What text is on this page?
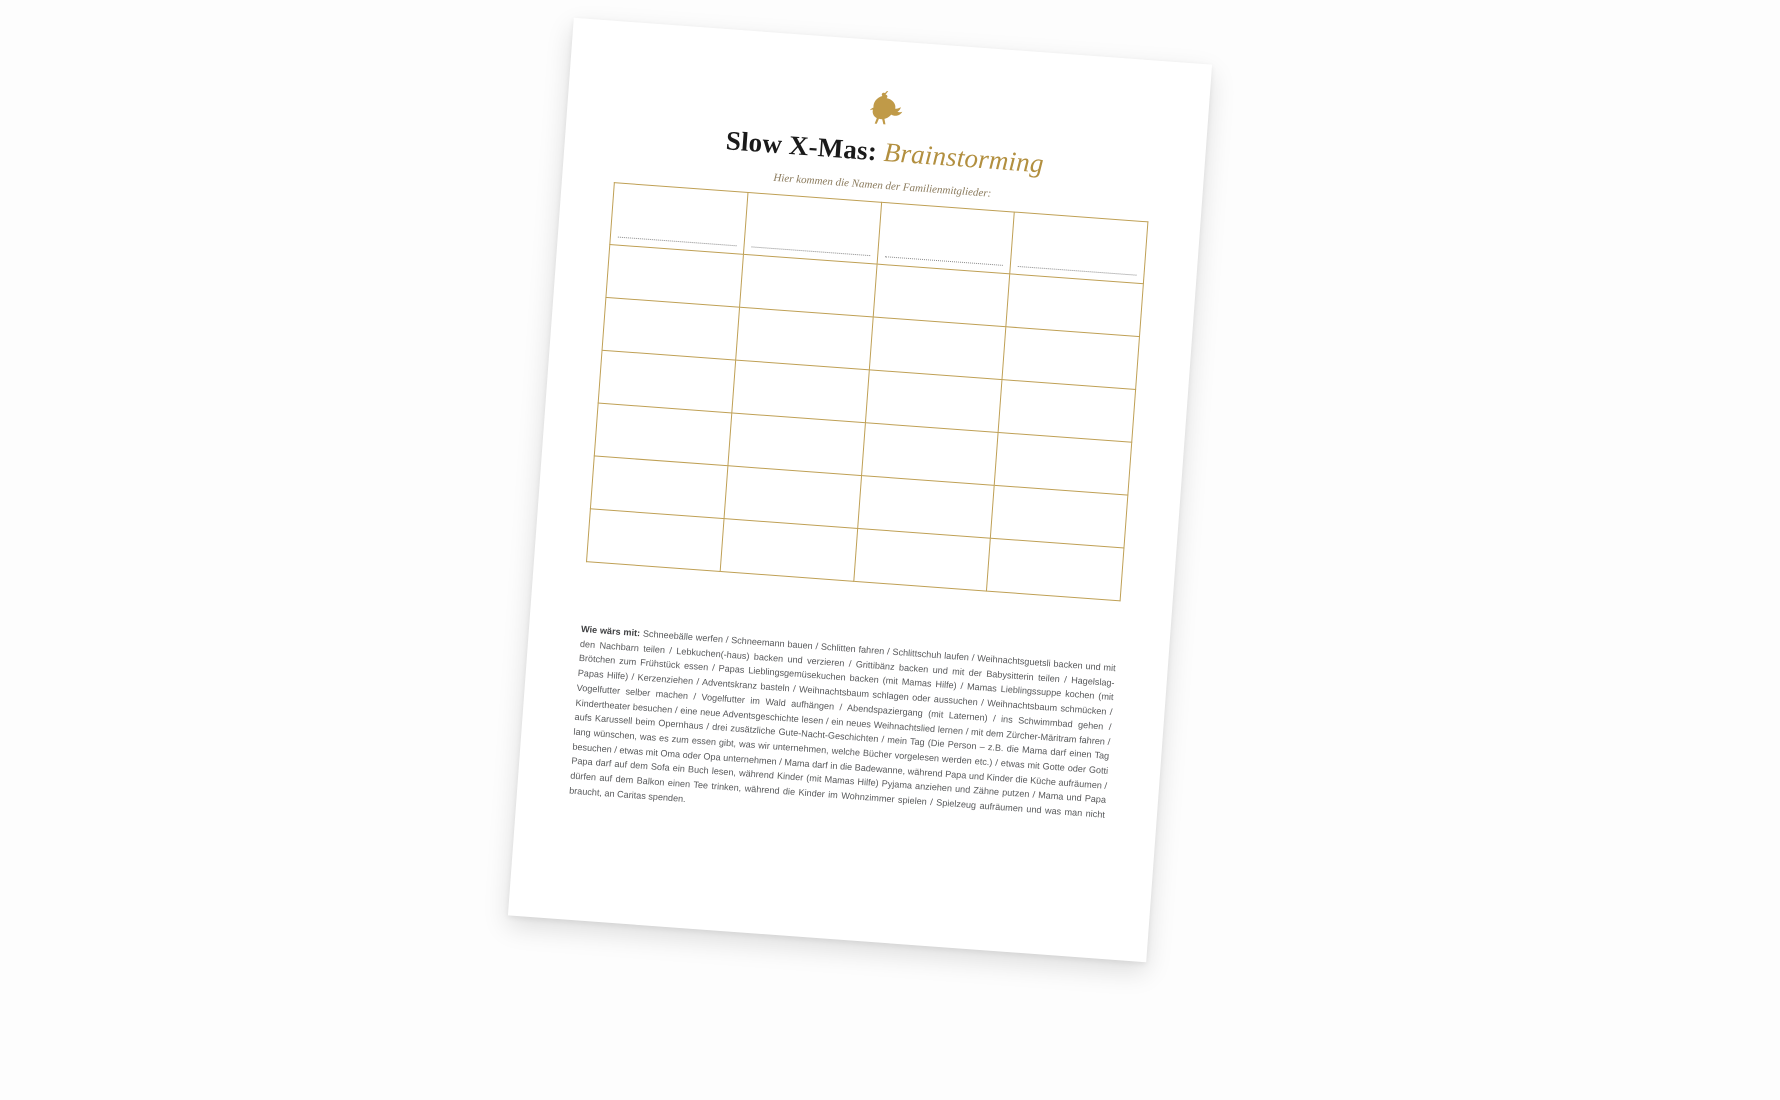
Slow X-Mas: Brainstorming
Hier kommen die Namen der Familienmitglieder:

Wie wärs mit: Schneebälle werfen / Schneemann bauen / Schlitten fahren / Schlittschuh laufen / Weihnachtsguetsli backen und mit den Nachbarn teilen / Lebkuchen(-haus) backen und verzieren / Grittibänz backen und mit der Babysitterin teilen / Hagelslag-Brötchen zum Frühstück essen / Papas Lieblingsgemüsekuchen backen (mit Mamas Hilfe) / Mamas Lieblingssuppe kochen (mit Papas Hilfe) / Kerzenziehen / Adventskranz basteln / Weihnachtsbaum schlagen oder aussuchen / Weihnachtsbaum schmücken / Vogelfutter selber machen / Vogelfutter im Wald aufhängen / Abendspaziergang (mit Laternen) / ins Schwimmbad gehen / Kindertheater besuchen / eine neue Adventsgeschichte lesen / ein neues Weihnachtslied lernen / mit dem Zürcher-Märitram fahren / aufs Karussell beim Opernhaus / drei zusätzliche Gute-Nacht-Geschichten / mein Tag (Die Person – z.B. die Mama darf einen Tag lang wünschen, was es zum essen gibt, was wir unternehmen, welche Bücher vorgelesen werden etc.) / etwas mit Gotte oder Gotti besuchen / etwas mit Oma oder Opa unternehmen / Mama darf in die Badewanne, während Papa und Kinder die Küche aufräumen / Papa darf auf dem Sofa ein Buch lesen, während Kinder (mit Mamas Hilfe) Pyjama anziehen und Zähne putzen / Mama und Papa dürfen auf dem Balkon einen Tee trinken, während die Kinder im Wohnzimmer spielen / Spielzeug aufräumen und was man nicht braucht, an Caritas spenden.
